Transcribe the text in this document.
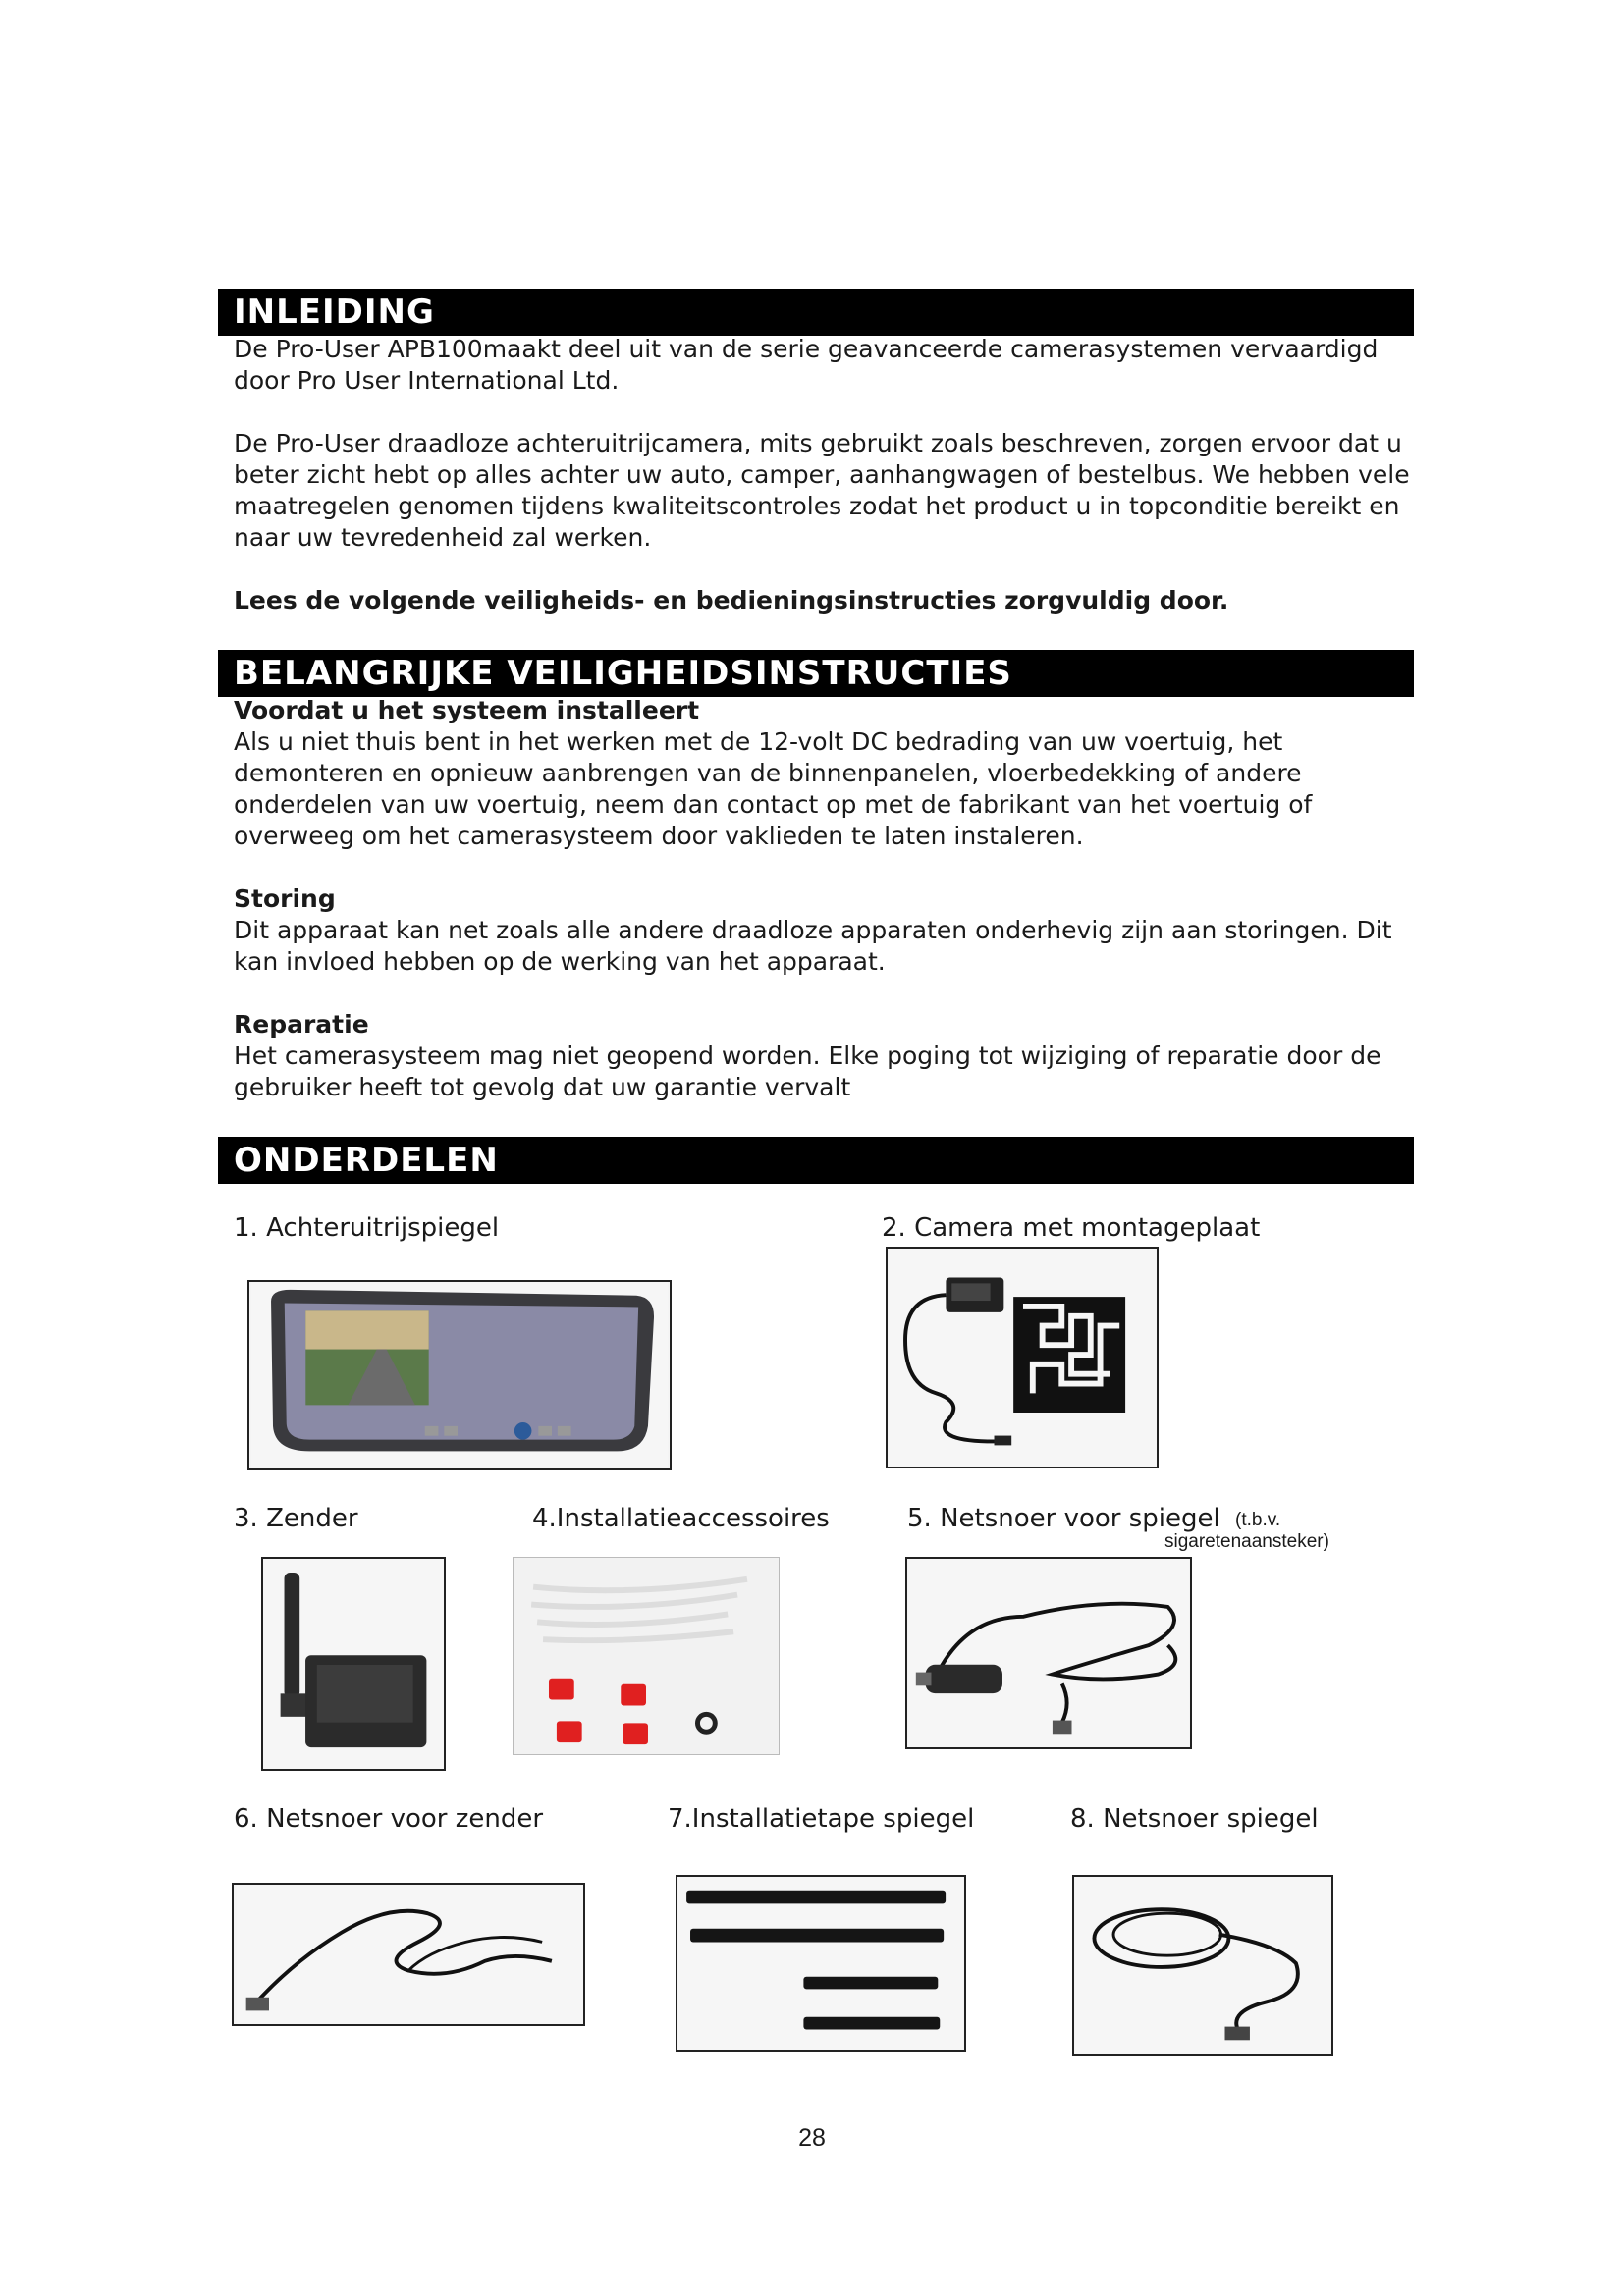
INLEIDING

De Pro-User APB100maakt deel uit van de serie geavanceerde camerasystemen vervaardigd door Pro User International Ltd.

De Pro-User draadloze achteruitrijcamera, mits gebruikt zoals beschreven, zorgen ervoor dat u beter zicht hebt op alles achter uw auto, camper, aanhangwagen of bestelbus. We hebben vele maatregelen genomen tijdens kwaliteitscontroles zodat het product u in topconditie bereikt en naar uw tevredenheid zal werken.

Lees de volgende veiligheids- en bedieningsinstructies zorgvuldig door.

BELANGRIJKE VEILIGHEIDSINSTRUCTIES

Voordat u het systeem installeert

Als u niet thuis bent in het werken met de 12-volt DC bedrading van uw voertuig, het demonteren en opnieuw aanbrengen van de binnenpanelen, vloerbedekking of andere onderdelen van uw voertuig, neem dan contact op met de fabrikant van het voertuig of overweeg om het camerasysteem door vaklieden te laten instaleren.

Storing

Dit apparaat kan net zoals alle andere draadloze apparaten onderhevig zijn aan storingen. Dit kan invloed hebben op de werking van het apparaat.

Reparatie

Het camerasysteem mag niet geopend worden. Elke poging tot wijziging of reparatie door de gebruiker heeft tot gevolg dat uw garantie vervalt

ONDERDELEN
1. Achteruitrijspiegel	2. Camera met montageplaat
3. Zender	4.Installatieaccessoires	5. Netsnoer voor spiegel (t.b.v.
sigaretenaansteker)
6. Netsnoer voor zender	7.Installatietape spiegel	8. Netsnoer spiegel
28
